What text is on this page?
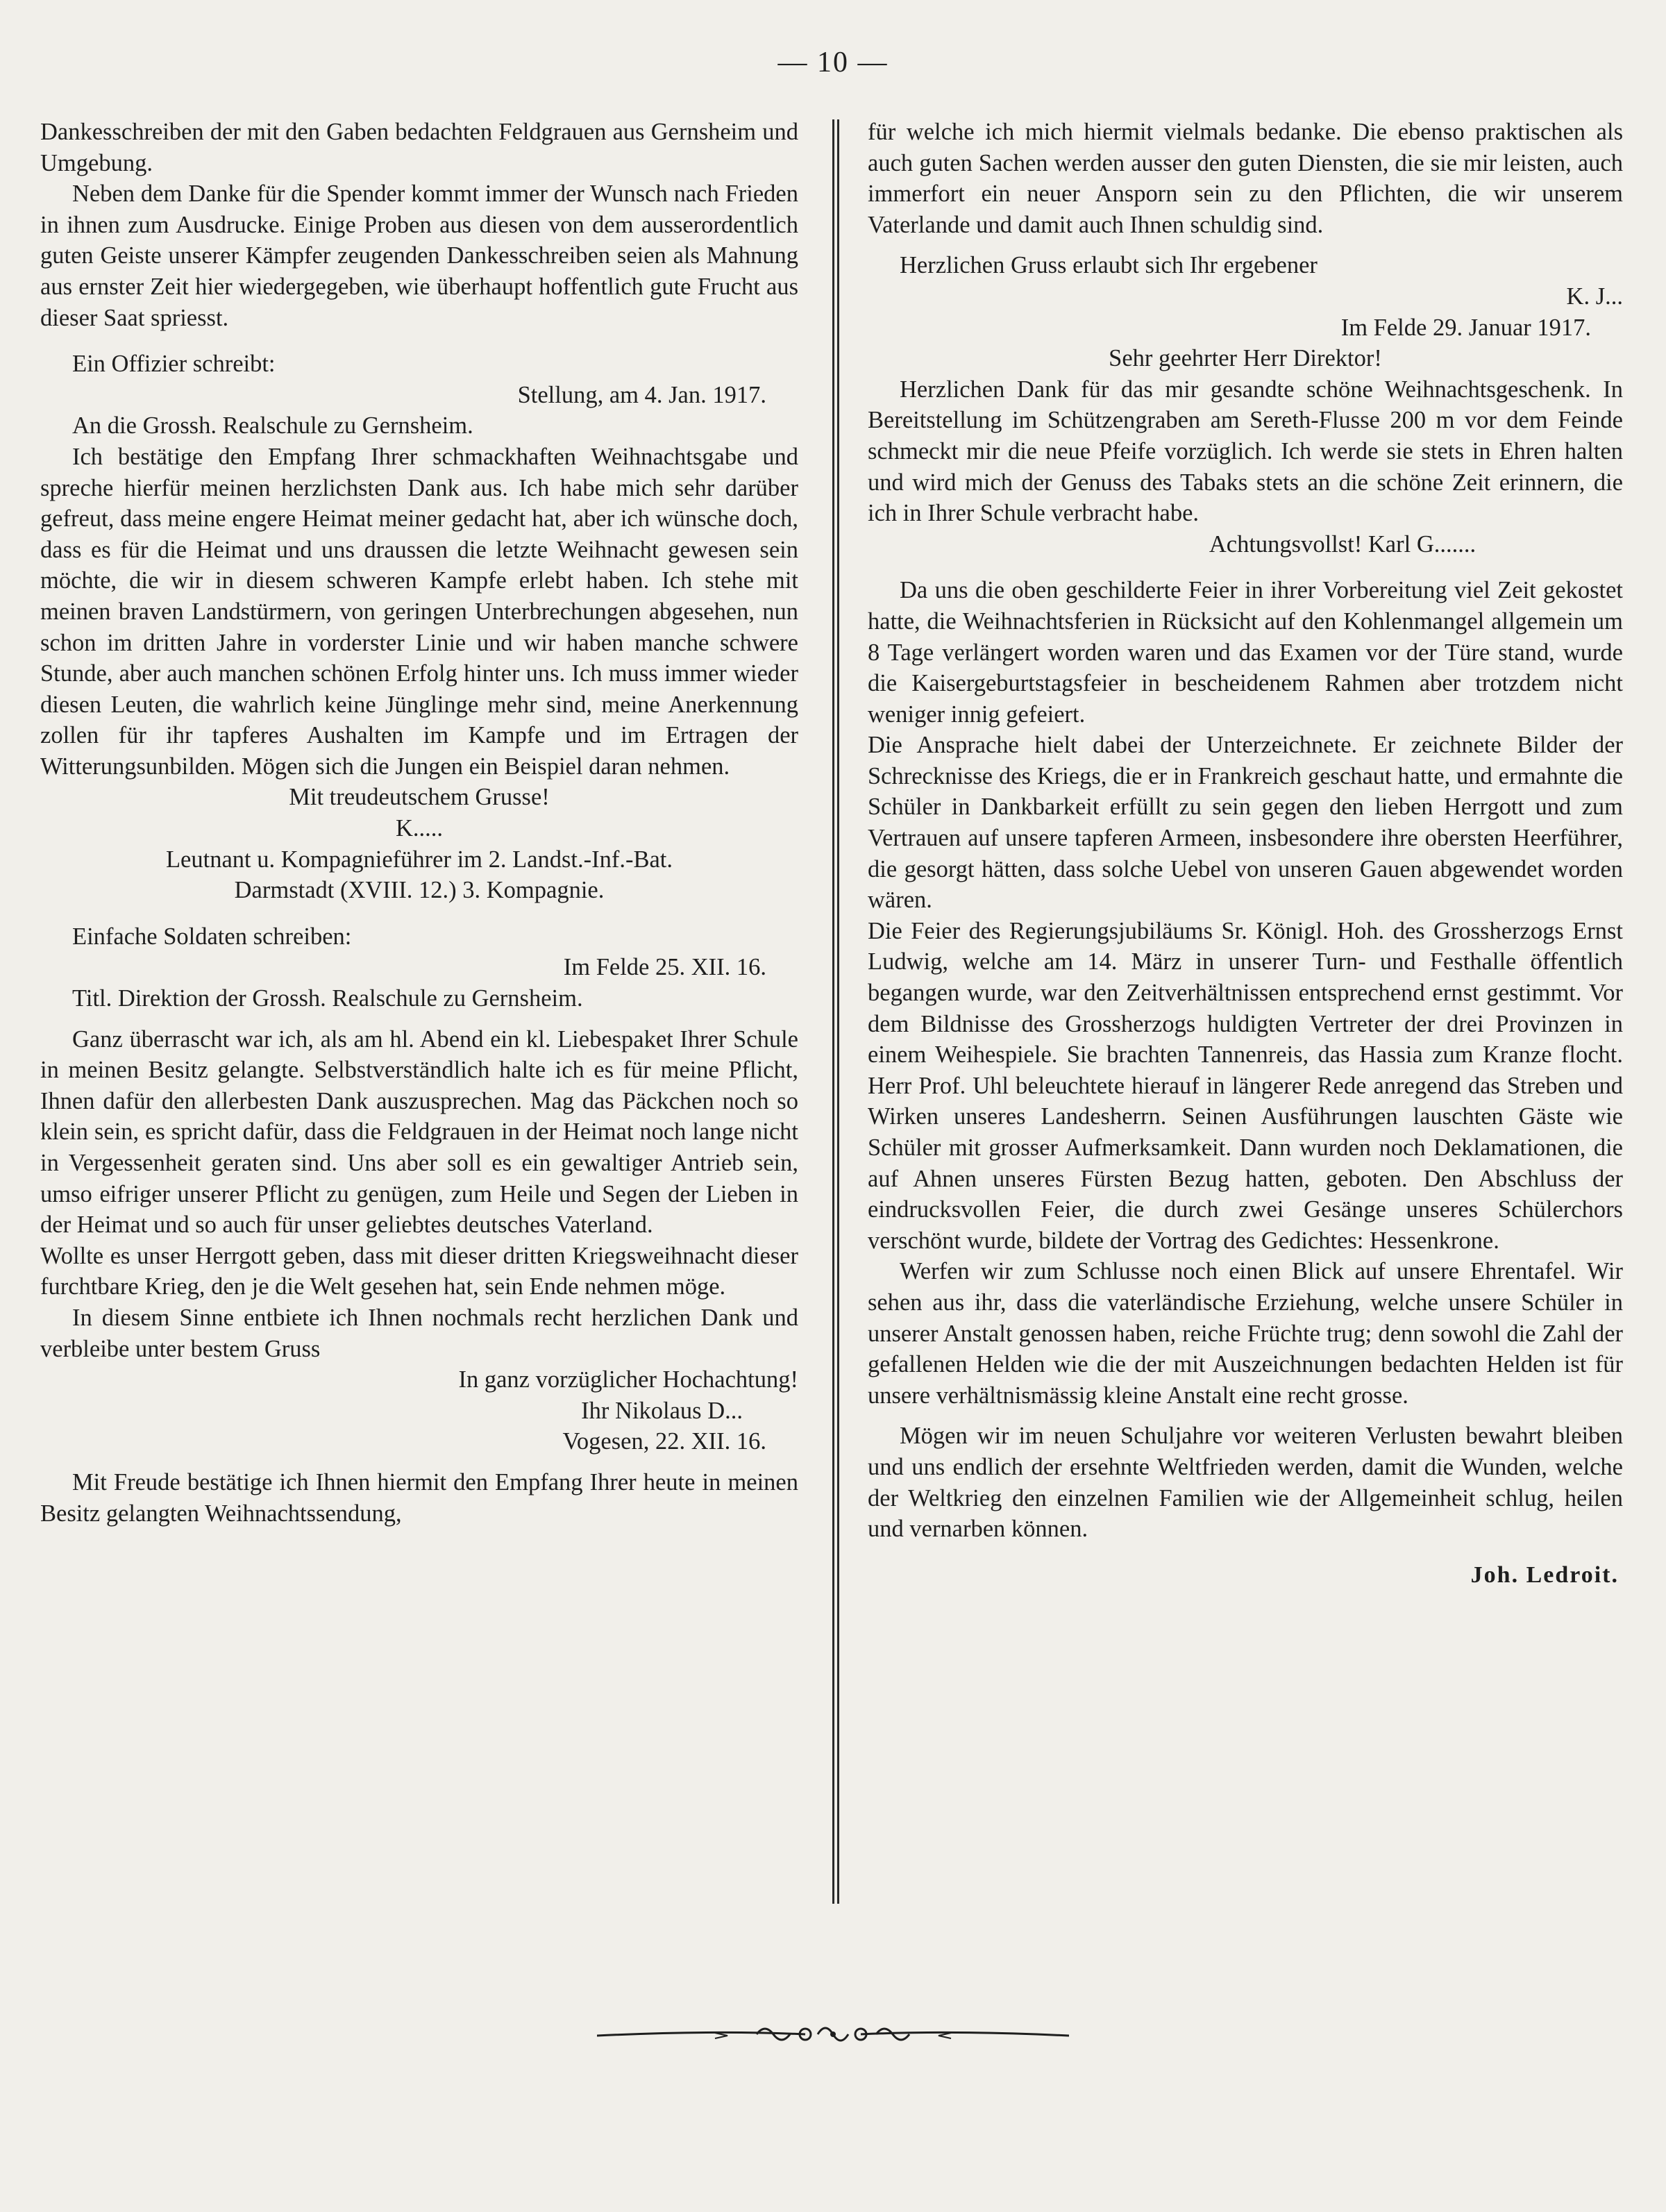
— 10 —

Dankesschreiben der mit den Gaben bedachten Feldgrauen aus Gernsheim und Umgebung.

Neben dem Danke für die Spender kommt immer der Wunsch nach Frieden in ihnen zum Ausdrucke. Einige Proben aus diesen von dem ausserordentlich guten Geiste unserer Kämpfer zeugenden Dankesschreiben seien als Mahnung aus ernster Zeit hier wiedergegeben, wie überhaupt hoffentlich gute Frucht aus dieser Saat spriesst.

Ein Offizier schreibt:

Stellung, am 4. Jan. 1917.

An die Grossh. Realschule zu Gernsheim.

Ich bestätige den Empfang Ihrer schmackhaften Weihnachtsgabe und spreche hierfür meinen herzlichsten Dank aus. Ich habe mich sehr darüber gefreut, dass meine engere Heimat meiner gedacht hat, aber ich wünsche doch, dass es für die Heimat und uns draussen die letzte Weihnacht gewesen sein möchte, die wir in diesem schweren Kampfe erlebt haben. Ich stehe mit meinen braven Landstürmern, von geringen Unterbrechungen abgesehen, nun schon im dritten Jahre in vorderster Linie und wir haben manche schwere Stunde, aber auch manchen schönen Erfolg hinter uns. Ich muss immer wieder diesen Leuten, die wahrlich keine Jünglinge mehr sind, meine Anerkennung zollen für ihr tapferes Aushalten im Kampfe und im Ertragen der Witterungsunbilden. Mögen sich die Jungen ein Beispiel daran nehmen.

Mit treudeutschem Grusse!

K.....

Leutnant u. Kompagnieführer im 2. Landst.-Inf.-Bat.

Darmstadt (XVIII. 12.) 3. Kompagnie.

Einfache Soldaten schreiben:

Im Felde 25. XII. 16.

Titl. Direktion der Grossh. Realschule zu Gernsheim.

Ganz überrascht war ich, als am hl. Abend ein kl. Liebespaket Ihrer Schule in meinen Besitz gelangte. Selbstverständlich halte ich es für meine Pflicht, Ihnen dafür den allerbesten Dank auszusprechen. Mag das Päckchen noch so klein sein, es spricht dafür, dass die Feldgrauen in der Heimat noch lange nicht in Vergessenheit geraten sind. Uns aber soll es ein gewaltiger Antrieb sein, umso eifriger unserer Pflicht zu genügen, zum Heile und Segen der Lieben in der Heimat und so auch für unser geliebtes deutsches Vaterland.

Wollte es unser Herrgott geben, dass mit dieser dritten Kriegsweihnacht dieser furchtbare Krieg, den je die Welt gesehen hat, sein Ende nehmen möge.

In diesem Sinne entbiete ich Ihnen nochmals recht herzlichen Dank und verbleibe unter bestem Gruss

In ganz vorzüglicher Hochachtung!

Ihr Nikolaus D...

Vogesen, 22. XII. 16.

Mit Freude bestätige ich Ihnen hiermit den Empfang Ihrer heute in meinen Besitz gelangten Weihnachtssendung,

für welche ich mich hiermit vielmals bedanke. Die ebenso praktischen als auch guten Sachen werden ausser den guten Diensten, die sie mir leisten, auch immerfort ein neuer Ansporn sein zu den Pflichten, die wir unserem Vaterlande und damit auch Ihnen schuldig sind.

Herzlichen Gruss erlaubt sich Ihr ergebener

K. J...

Im Felde 29. Januar 1917.

Sehr geehrter Herr Direktor!

Herzlichen Dank für das mir gesandte schöne Weihnachtsgeschenk. In Bereitstellung im Schützengraben am Sereth-Flusse 200 m vor dem Feinde schmeckt mir die neue Pfeife vorzüglich. Ich werde sie stets in Ehren halten und wird mich der Genuss des Tabaks stets an die schöne Zeit erinnern, die ich in Ihrer Schule verbracht habe.

Achtungsvollst! Karl G.......

Da uns die oben geschilderte Feier in ihrer Vorbereitung viel Zeit gekostet hatte, die Weihnachtsferien in Rücksicht auf den Kohlenmangel allgemein um 8 Tage verlängert worden waren und das Examen vor der Türe stand, wurde die Kaisergeburtstagsfeier in bescheidenem Rahmen aber trotzdem nicht weniger innig gefeiert.

Die Ansprache hielt dabei der Unterzeichnete. Er zeichnete Bilder der Schrecknisse des Kriegs, die er in Frankreich geschaut hatte, und ermahnte die Schüler in Dankbarkeit erfüllt zu sein gegen den lieben Herrgott und zum Vertrauen auf unsere tapferen Armeen, insbesondere ihre obersten Heerführer, die gesorgt hätten, dass solche Uebel von unseren Gauen abgewendet worden wären.

Die Feier des Regierungsjubiläums Sr. Königl. Hoh. des Grossherzogs Ernst Ludwig, welche am 14. März in unserer Turn- und Festhalle öffentlich begangen wurde, war den Zeitverhältnissen entsprechend ernst gestimmt. Vor dem Bildnisse des Grossherzogs huldigten Vertreter der drei Provinzen in einem Weihespiele. Sie brachten Tannenreis, das Hassia zum Kranze flocht. Herr Prof. Uhl beleuchtete hierauf in längerer Rede anregend das Streben und Wirken unseres Landesherrn. Seinen Ausführungen lauschten Gäste wie Schüler mit grosser Aufmerksamkeit. Dann wurden noch Deklamationen, die auf Ahnen unseres Fürsten Bezug hatten, geboten. Den Abschluss der eindrucksvollen Feier, die durch zwei Gesänge unseres Schülerchors verschönt wurde, bildete der Vortrag des Gedichtes: Hessenkrone.

Werfen wir zum Schlusse noch einen Blick auf unsere Ehrentafel. Wir sehen aus ihr, dass die vaterländische Erziehung, welche unsere Schüler in unserer Anstalt genossen haben, reiche Früchte trug; denn sowohl die Zahl der gefallenen Helden wie die der mit Auszeichnungen bedachten Helden ist für unsere verhältnismässig kleine Anstalt eine recht grosse.

Mögen wir im neuen Schuljahre vor weiteren Verlusten bewahrt bleiben und uns endlich der ersehnte Weltfrieden werden, damit die Wunden, welche der Weltkrieg den einzelnen Familien wie der Allgemeinheit schlug, heilen und vernarben können.

Joh. Ledroit.
